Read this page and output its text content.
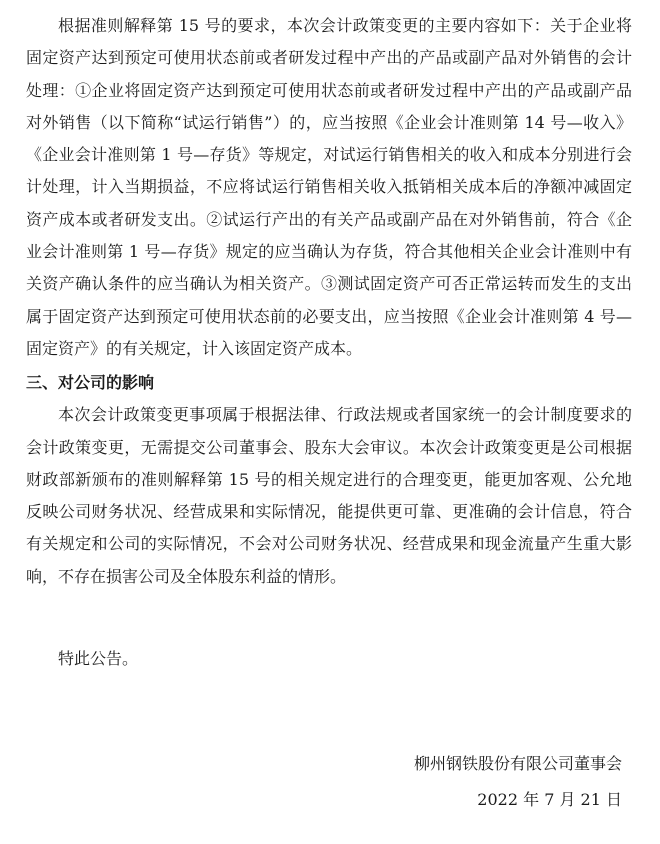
根据准则解释第 15 号的要求，本次会计政策变更的主要内容如下：关于企业将固定资产达到预定可使用状态前或者研发过程中产出的产品或副产品对外销售的会计处理：①企业将固定资产达到预定可使用状态前或者研发过程中产出的产品或副产品对外销售（以下简称“试运行销售”）的，应当按照《企业会计准则第 14 号—收入》《企业会计准则第 1 号—存货》等规定，对试运行销售相关的收入和成本分别进行会计处理，计入当期损益，不应将试运行销售相关收入抵销相关成本后的净额冲减固定资产成本或者研发支出。②试运行产出的有关产品或副产品在对外销售前，符合《企业会计准则第 1 号—存货》规定的应当确认为存货，符合其他相关企业会计准则中有关资产确认条件的应当确认为相关资产。③测试固定资产可否正常运转而发生的支出属于固定资产达到预定可使用状态前的必要支出，应当按照《企业会计准则第 4 号—固定资产》的有关规定，计入该固定资产成本。

三、对公司的影响

本次会计政策变更事项属于根据法律、行政法规或者国家统一的会计制度要求的会计政策变更，无需提交公司董事会、股东大会审议。本次会计政策变更是公司根据财政部新颁布的准则解释第 15 号的相关规定进行的合理变更，能更加客观、公允地反映公司财务状况、经营成果和实际情况，能提供更可靠、更准确的会计信息，符合有关规定和公司的实际情况，不会对公司财务状况、经营成果和现金流量产生重大影响，不存在损害公司及全体股东利益的情形。

特此公告。

柳州钢铁股份有限公司董事会
2022 年 7 月 21 日
